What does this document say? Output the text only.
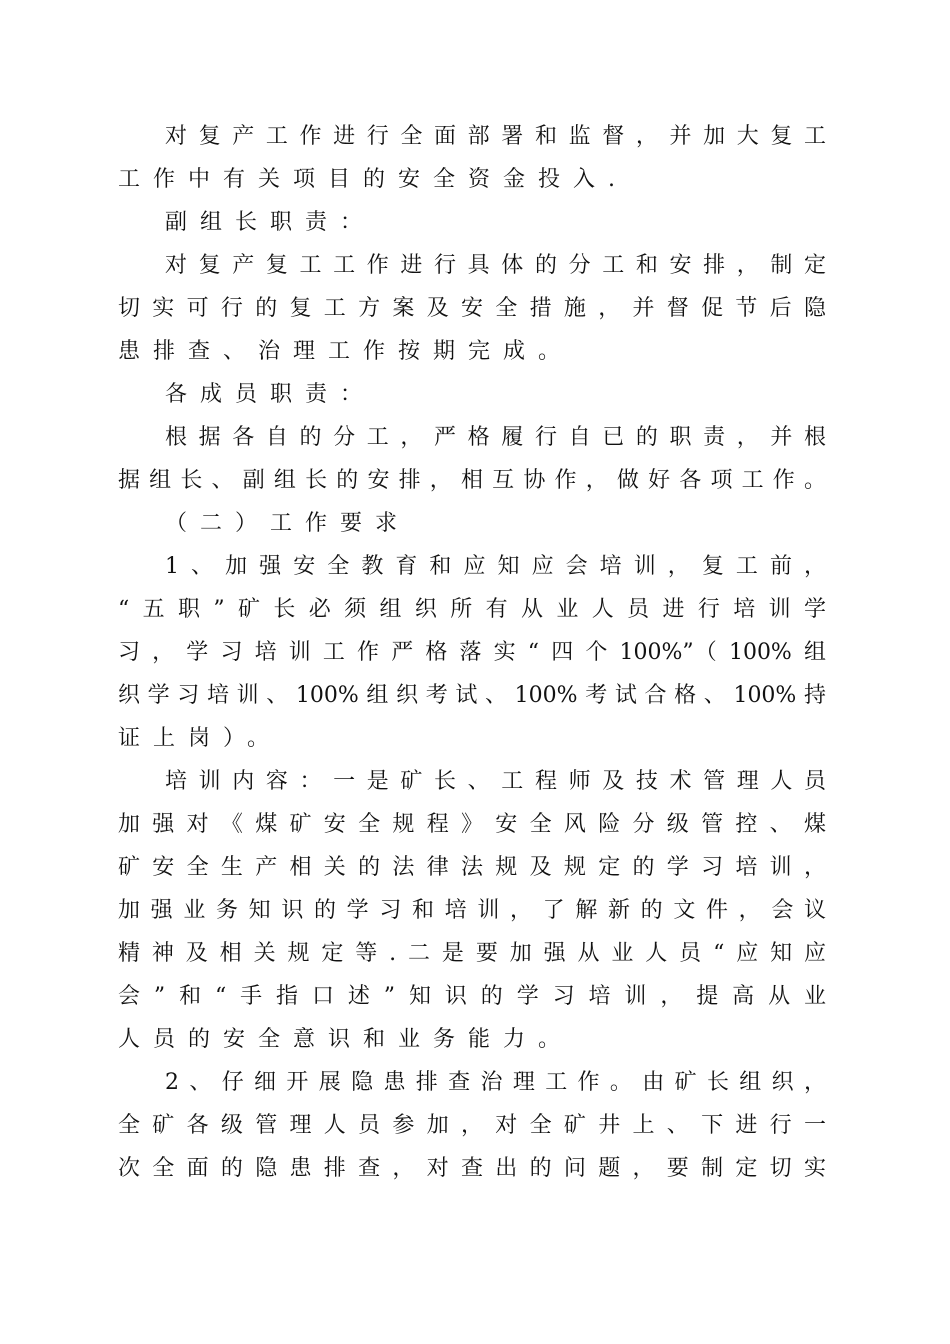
对复产工作进行全面部署和监督，并加大复工
工作中有关项目的安全资金投入.
副组长职责：
对复产复工工作进行具体的分工和安排，制定
切实可行的复工方案及安全措施，并督促节后隐
患排查、治理工作按期完成。
各成员职责：
根据各自的分工，严格履行自已的职责，并根
据组长、副组长的安排，相互协作，做好各项工作。
（二）工作要求
1、加强安全教育和应知应会培训，复工前，
“五职”矿长必须组织所有从业人员进行培训学
习，学习培训工作严格落实“四个100%”（100%组
织学习培训、100%组织考试、100%考试合格、100%持
证上岗）。
培训内容：一是矿长、工程师及技术管理人员
加强对《煤矿安全规程》安全风险分级管控、煤
矿安全生产相关的法律法规及规定的学习培训，
加强业务知识的学习和培训，了解新的文件，会议
精神及相关规定等.二是要加强从业人员“应知应
会”和“手指口述”知识的学习培训，提高从业
人员的安全意识和业务能力。
2、仔细开展隐患排查治理工作。由矿长组织，
全矿各级管理人员参加，对全矿井上、下进行一
次全面的隐患排查，对查出的问题，要制定切实
